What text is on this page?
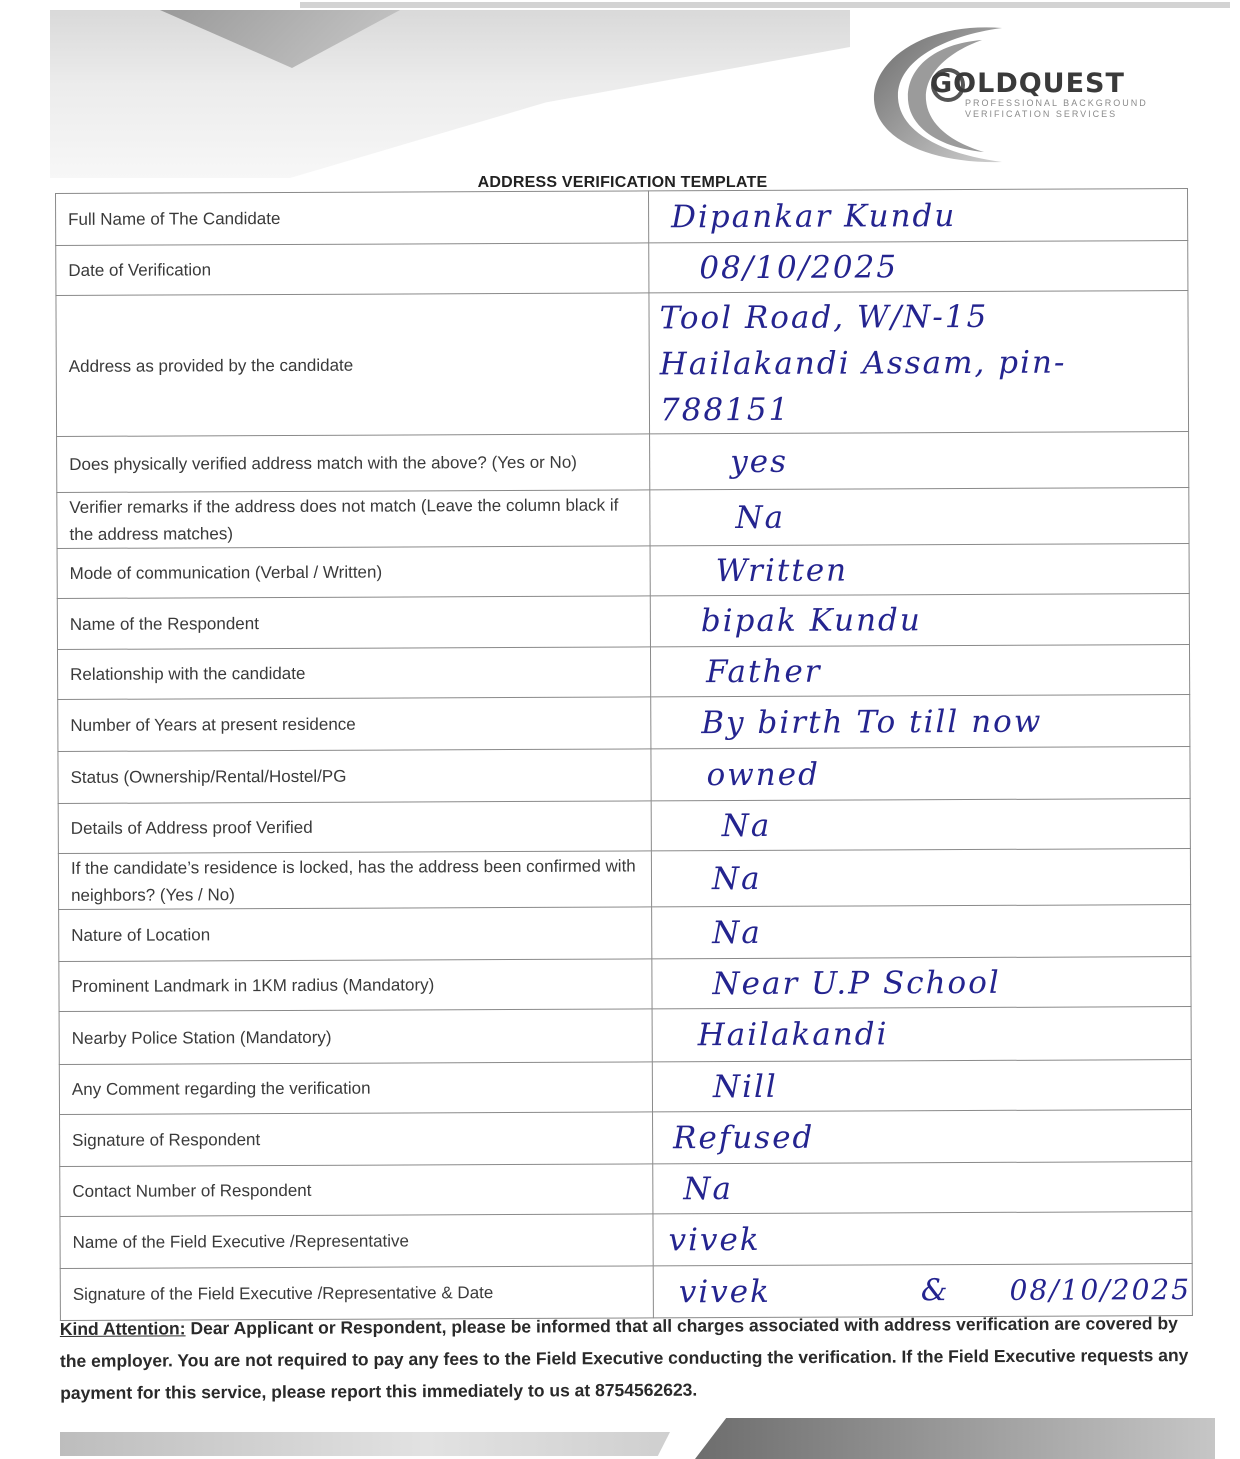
GOLDQUEST
PROFESSIONAL BACKGROUND
VERIFICATION SERVICES
ADDRESS VERIFICATION TEMPLATE
Full Name of The Candidate	Dipankar Kundu

Date of Verification	08/10/2025

Address as provided by the candidate	Tool Road, W/N-15 Hailakandi Assam, pin-788151

Does physically verified address match with the above? (Yes or No)	yes

Verifier remarks if the address does not match (Leave the column black if the address matches)	Na

Mode of communication (Verbal / Written)	Written

Name of the Respondent	bipak Kundu

Relationship with the candidate	Father

Number of Years at present residence	By birth To till now

Status (Ownership/Rental/Hostel/PG	owned

Details of Address proof Verified	Na

If the candidate’s residence is locked, has the address been confirmed with neighbors? (Yes / No)	Na

Nature of Location	Na

Prominent Landmark in 1KM radius (Mandatory)	Near U.P School

Nearby Police Station (Mandatory)	Hailakandi

Any Comment regarding the verification	Nill

Signature of Respondent	Refused

Contact Number of Respondent	Na

Name of the Field Executive /Representative	vivek

Signature of the Field Executive /Representative & Date	vivek & 08/10/2025
Kind Attention: Dear Applicant or Respondent, please be informed that all charges associated with address verification are covered by the employer. You are not required to pay any fees to the Field Executive conducting the verification. If the Field Executive requests any payment for this service, please report this immediately to us at 8754562623.
